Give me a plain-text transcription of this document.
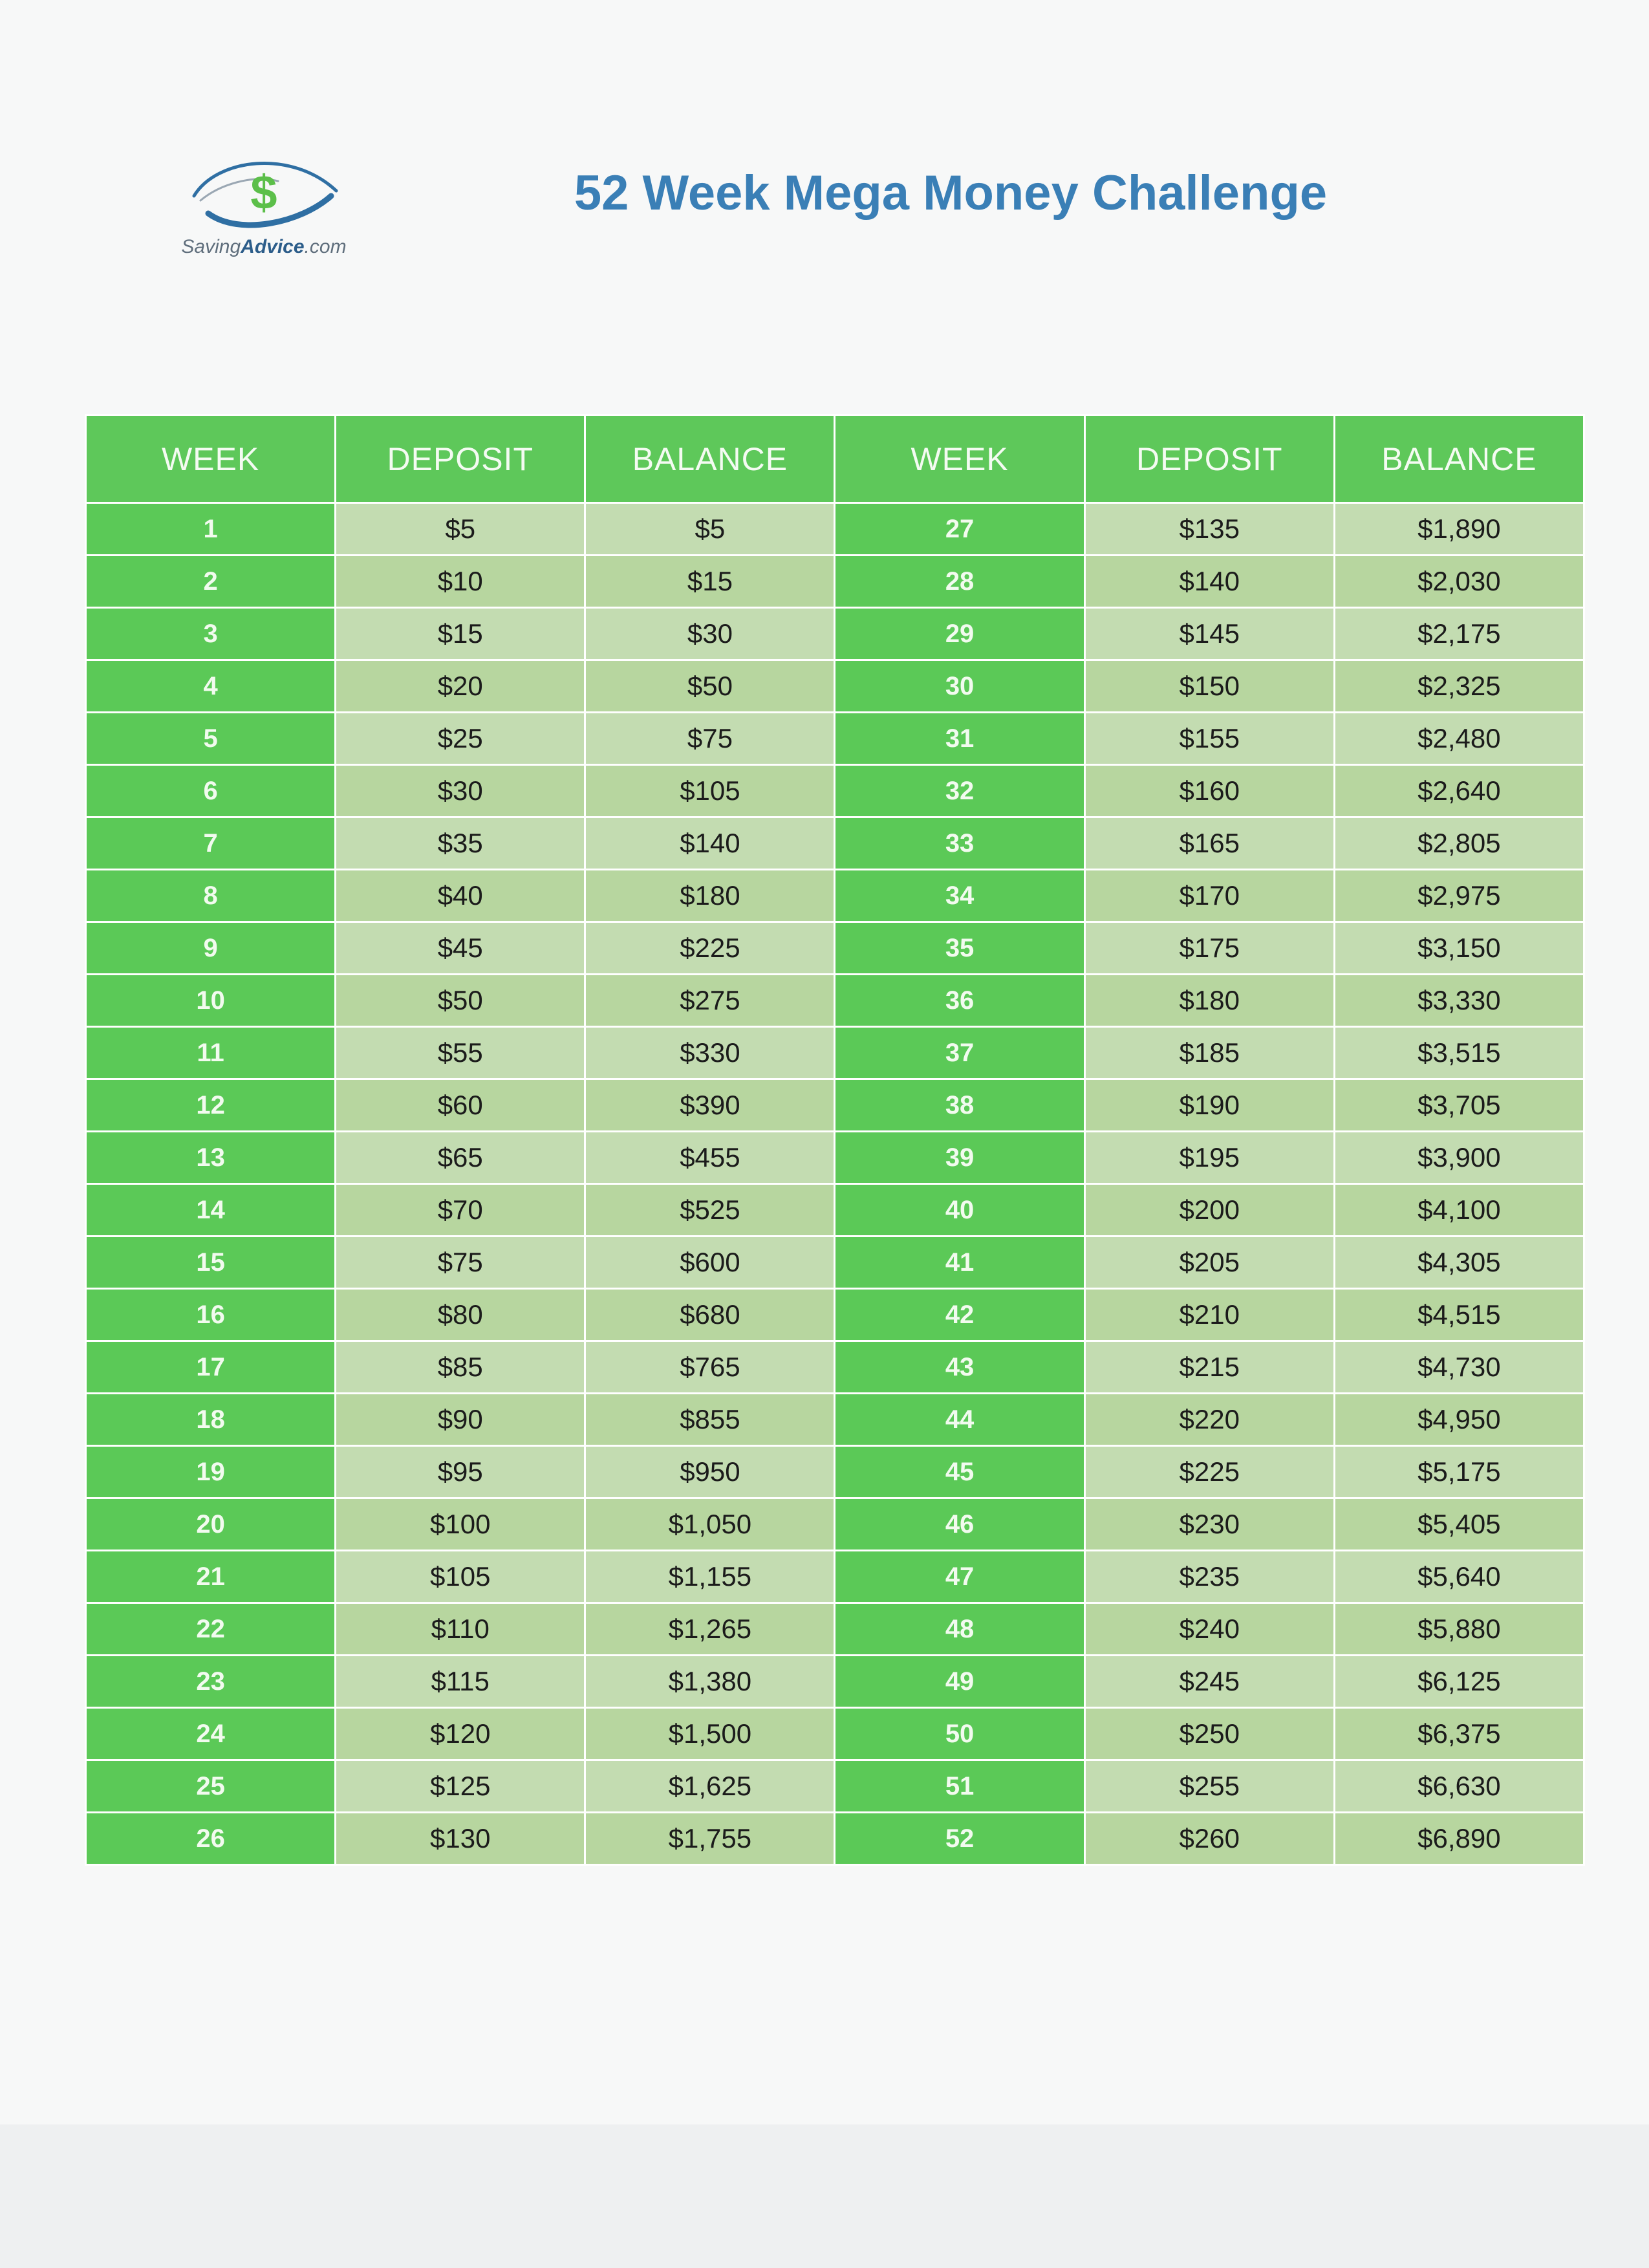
$
SavingAdvice.com
52 Week Mega Money Challenge
WEEK	DEPOSIT	BALANCE	WEEK	DEPOSIT	BALANCE
1	$5	$5	27	$135	$1,890
2	$10	$15	28	$140	$2,030
3	$15	$30	29	$145	$2,175
4	$20	$50	30	$150	$2,325
5	$25	$75	31	$155	$2,480
6	$30	$105	32	$160	$2,640
7	$35	$140	33	$165	$2,805
8	$40	$180	34	$170	$2,975
9	$45	$225	35	$175	$3,150
10	$50	$275	36	$180	$3,330
11	$55	$330	37	$185	$3,515
12	$60	$390	38	$190	$3,705
13	$65	$455	39	$195	$3,900
14	$70	$525	40	$200	$4,100
15	$75	$600	41	$205	$4,305
16	$80	$680	42	$210	$4,515
17	$85	$765	43	$215	$4,730
18	$90	$855	44	$220	$4,950
19	$95	$950	45	$225	$5,175
20	$100	$1,050	46	$230	$5,405
21	$105	$1,155	47	$235	$5,640
22	$110	$1,265	48	$240	$5,880
23	$115	$1,380	49	$245	$6,125
24	$120	$1,500	50	$250	$6,375
25	$125	$1,625	51	$255	$6,630
26	$130	$1,755	52	$260	$6,890
